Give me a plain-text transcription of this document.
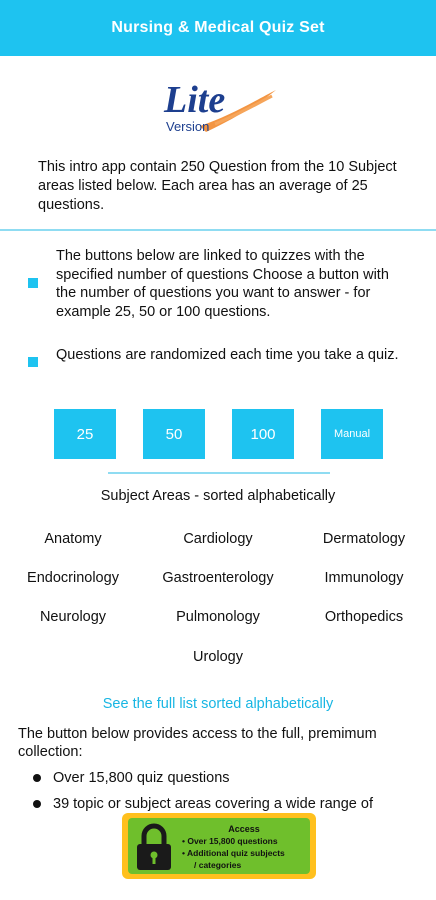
Nursing & Medical Quiz Set
Lite
Version
This intro app contain 250 Question from the 10 Subject areas listed below. Each area has an average of 25 questions.
The buttons below are linked to quizzes with the specified number of questions Choose a button with the number of questions you want to answer - for example 25, 50 or 100 questions.
Questions are randomized each time you take a quiz.
25	50	100	Manual
Subject Areas - sorted alphabetically
Anatomy	Cardiology	Dermatology
Endocrinology	Gastroenterology	Immunology
Neurology	Pulmonology	Orthopedics
Urology
See the full list sorted alphabetically
The button below provides access to the full, premimum collection:
Over 15,800 quiz questions
39 topic or subject areas covering a wide range of
Access
• Over 15,800 questions
• Additional quiz subjects
/ categories
